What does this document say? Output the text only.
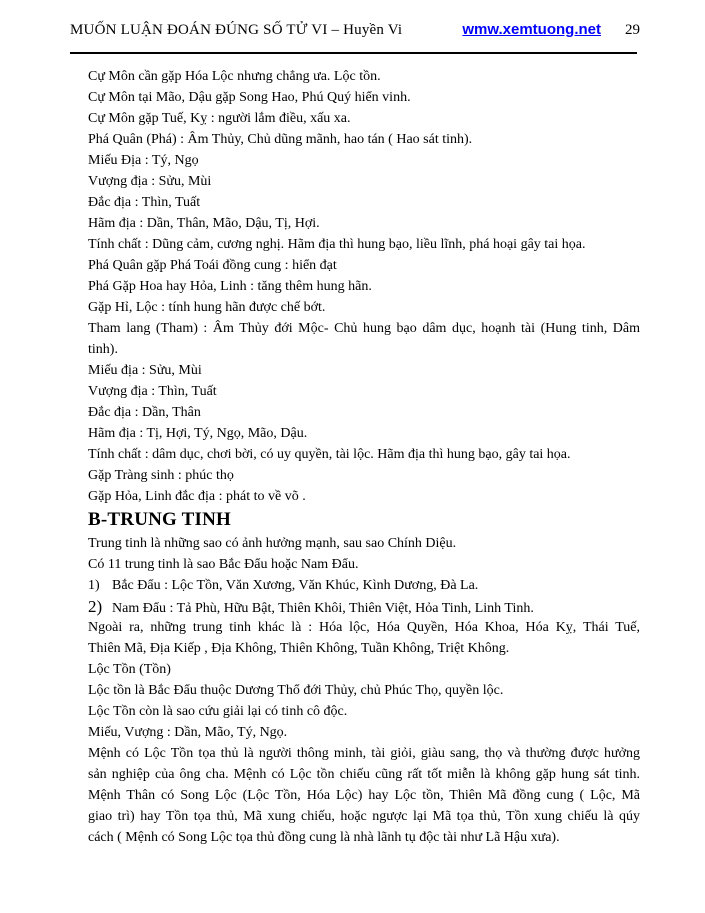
MUỐN LUẬN ĐOÁN ĐÚNG SỐ TỬ VI – Huyền Vi	wmw.xemtuong.net 29
Cự Môn cần gặp Hóa Lộc nhưng chẳng ưa. Lộc tồn.
Cự Môn tại Mão, Dậu gặp Song Hao, Phú Quý hiển vinh.
Cự Môn gặp Tuế, Kỵ : người lắm điều, xấu xa.
Phá Quân (Phá) : Âm Thủy, Chủ dũng mãnh, hao tán ( Hao sát tinh).
Miếu Địa : Tý, Ngọ
Vượng địa : Sửu, Mùi
Đắc địa : Thìn, Tuất
Hãm địa : Dần, Thân, Mão, Dậu, Tị, Hợi.
Tính chất : Dũng cảm, cương nghị. Hãm địa thì hung bạo, liều lĩnh, phá hoại gây tai họa.
Phá Quân gặp Phá Toái đồng cung : hiển đạt
Phá Gặp Hoa hay Hỏa, Linh : tăng thêm hung hãn.
Gặp Hỉ, Lộc : tính hung hãn được chế bớt.
Tham lang (Tham) : Âm Thủy đới Mộc- Chủ hung bạo dâm dục, hoạnh tài (Hung tinh, Dâm
tinh).
Miếu địa : Sửu, Mùi
Vượng địa : Thìn, Tuất
Đắc địa : Dần, Thân
Hãm địa : Tị, Hợi, Tý, Ngọ, Mão, Dậu.
Tính chất : dâm dục, chơi bời, có uy quyền, tài lộc. Hãm địa thì hung bạo, gây tai họa.
Gặp Tràng sinh : phúc thọ
Gặp Hỏa, Linh đắc địa : phát to về võ .
B-TRUNG TINH
Trung tinh là những sao có ảnh hưởng mạnh, sau sao Chính Diệu.
Có 11 trung tinh là sao Bắc Đẩu hoặc Nam Đẩu.
1) Bắc Đẩu : Lộc Tồn, Văn Xương, Văn Khúc, Kình Dương, Đà La.
2) Nam Đẩu : Tả Phù, Hữu Bật, Thiên Khôi, Thiên Việt, Hỏa Tinh, Linh Tinh.
Ngoài ra, những trung tinh khác là : Hóa lộc, Hóa Quyền, Hóa Khoa, Hóa Kỵ, Thái Tuế,
Thiên Mã, Địa Kiếp , Địa Không, Thiên Không, Tuần Không, Triệt Không.
Lộc Tồn (Tồn)
Lộc tồn là Bắc Đẩu thuộc Dương Thổ đới Thủy, chủ Phúc Thọ, quyền lộc.
Lộc Tồn còn là sao cứu giải lại có tinh cô độc.
Miếu, Vượng : Dần, Mão, Tý, Ngọ.
Mệnh có Lộc Tồn tọa thủ là người thông minh, tài giỏi, giàu sang, thọ và thường được hưởng
sản nghiệp của ông cha. Mệnh có Lộc tồn chiếu cũng rất tốt miễn là không gặp hung sát tinh.
Mệnh Thân có Song Lộc (Lộc Tồn, Hóa Lộc) hay Lộc tồn, Thiên Mã đồng cung ( Lộc, Mã
giao trì) hay Tồn tọa thủ, Mã xung chiếu, hoặc ngược lại Mã tọa thủ, Tồn xung chiếu là qúy
cách ( Mệnh có Song Lộc tọa thủ đồng cung là nhà lãnh tụ độc tài như Lã Hậu xưa).
